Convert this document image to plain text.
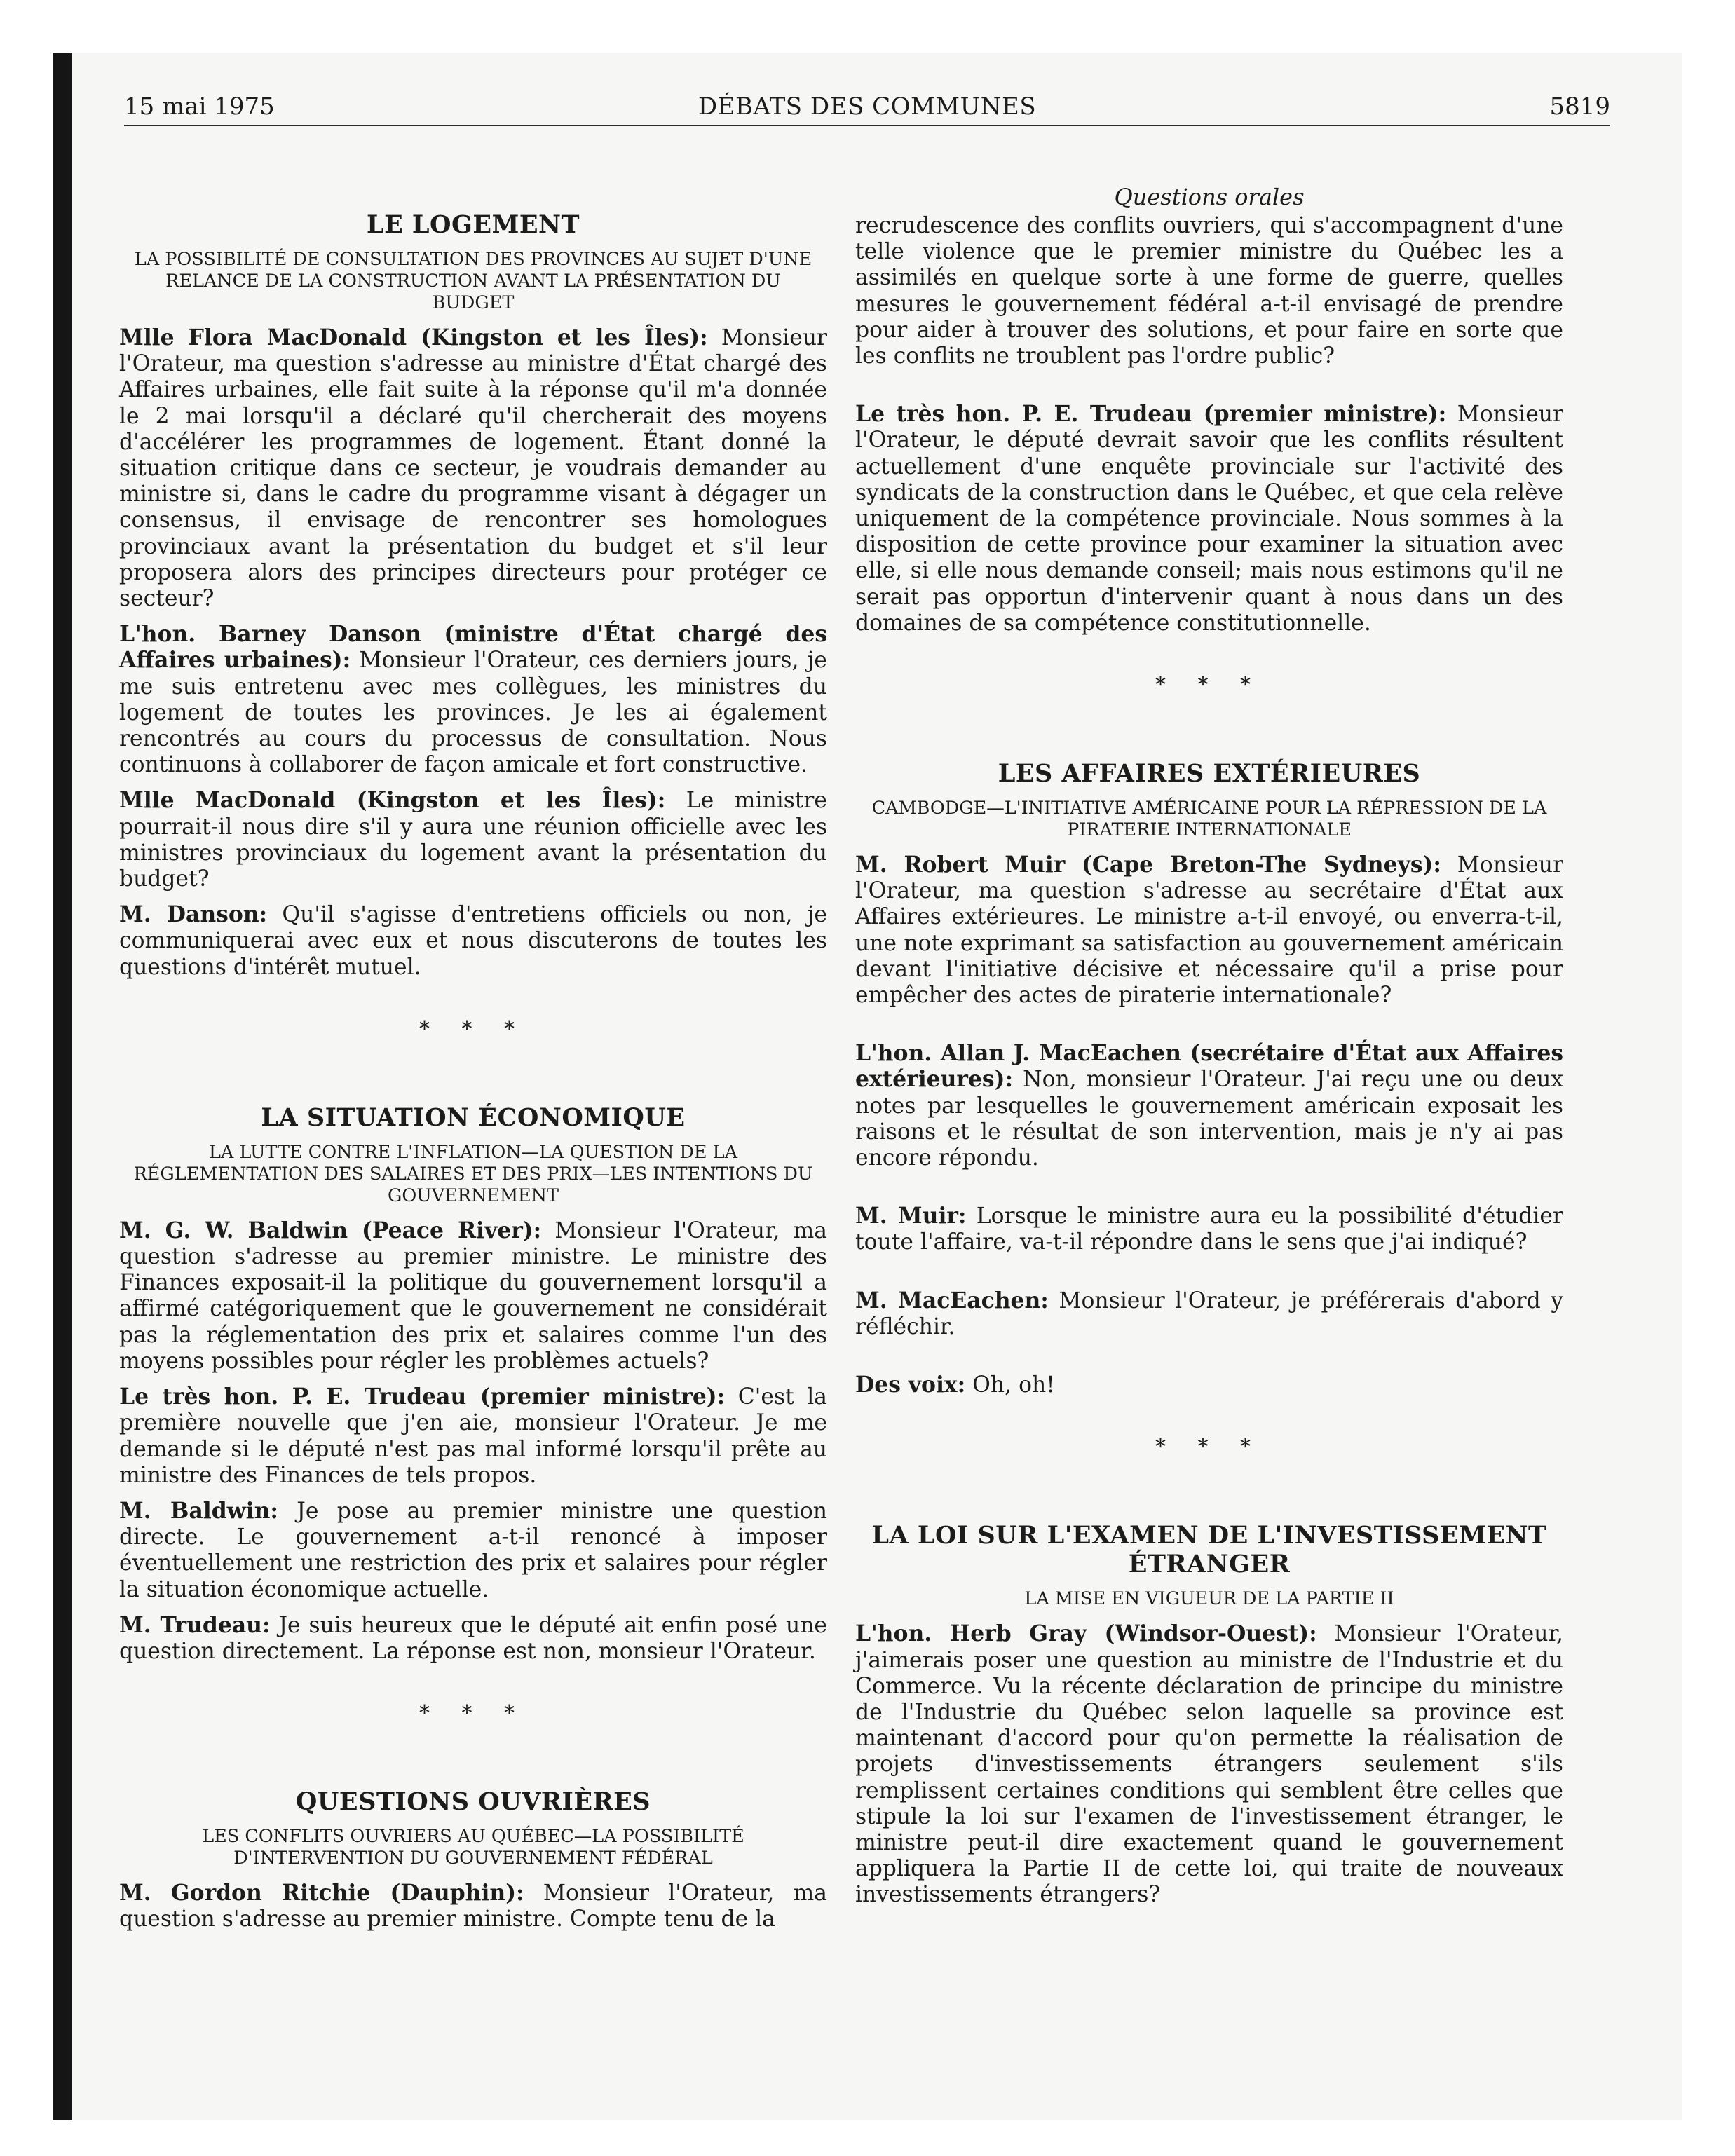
15 mai 1975	DÉBATS DES COMMUNES	5819
LE LOGEMENT
LA POSSIBILITÉ DE CONSULTATION DES PROVINCES AU SUJET D'UNE RELANCE DE LA CONSTRUCTION AVANT LA PRÉSENTATION DU BUDGET

Mlle Flora MacDonald (Kingston et les Îles): Monsieur l'Orateur, ma question s'adresse au ministre d'État chargé des Affaires urbaines, elle fait suite à la réponse qu'il m'a donnée le 2 mai lorsqu'il a déclaré qu'il chercherait des moyens d'accélérer les programmes de logement. Étant donné la situation critique dans ce secteur, je voudrais demander au ministre si, dans le cadre du programme visant à dégager un consensus, il envisage de rencontrer ses homologues provinciaux avant la présentation du budget et s'il leur proposera alors des principes directeurs pour protéger ce secteur?

L'hon. Barney Danson (ministre d'État chargé des Affaires urbaines): Monsieur l'Orateur, ces derniers jours, je me suis entretenu avec mes collègues, les ministres du logement de toutes les provinces. Je les ai également rencontrés au cours du processus de consultation. Nous continuons à collaborer de façon amicale et fort constructive.

Mlle MacDonald (Kingston et les Îles): Le ministre pourrait-il nous dire s'il y aura une réunion officielle avec les ministres provinciaux du logement avant la présentation du budget?

M. Danson: Qu'il s'agisse d'entretiens officiels ou non, je communiquerai avec eux et nous discuterons de toutes les questions d'intérêt mutuel.

* * *
LA SITUATION ÉCONOMIQUE
LA LUTTE CONTRE L'INFLATION—LA QUESTION DE LA RÉGLEMENTATION DES SALAIRES ET DES PRIX—LES INTENTIONS DU GOUVERNEMENT

M. G. W. Baldwin (Peace River): Monsieur l'Orateur, ma question s'adresse au premier ministre. Le ministre des Finances exposait-il la politique du gouvernement lorsqu'il a affirmé catégoriquement que le gouvernement ne considérait pas la réglementation des prix et salaires comme l'un des moyens possibles pour régler les problèmes actuels?

Le très hon. P. E. Trudeau (premier ministre): C'est la première nouvelle que j'en aie, monsieur l'Orateur. Je me demande si le député n'est pas mal informé lorsqu'il prête au ministre des Finances de tels propos.

M. Baldwin: Je pose au premier ministre une question directe. Le gouvernement a-t-il renoncé à imposer éventuellement une restriction des prix et salaires pour régler la situation économique actuelle.

M. Trudeau: Je suis heureux que le député ait enfin posé une question directement. La réponse est non, monsieur l'Orateur.

* * *
QUESTIONS OUVRIÈRES
LES CONFLITS OUVRIERS AU QUÉBEC—LA POSSIBILITÉ D'INTERVENTION DU GOUVERNEMENT FÉDÉRAL

M. Gordon Ritchie (Dauphin): Monsieur l'Orateur, ma question s'adresse au premier ministre. Compte tenu de la

Questions orales

recrudescence des conflits ouvriers, qui s'accompagnent d'une telle violence que le premier ministre du Québec les a assimilés en quelque sorte à une forme de guerre, quelles mesures le gouvernement fédéral a-t-il envisagé de prendre pour aider à trouver des solutions, et pour faire en sorte que les conflits ne troublent pas l'ordre public?

Le très hon. P. E. Trudeau (premier ministre): Monsieur l'Orateur, le député devrait savoir que les conflits résultent actuellement d'une enquête provinciale sur l'activité des syndicats de la construction dans le Québec, et que cela relève uniquement de la compétence provinciale. Nous sommes à la disposition de cette province pour examiner la situation avec elle, si elle nous demande conseil; mais nous estimons qu'il ne serait pas opportun d'intervenir quant à nous dans un des domaines de sa compétence constitutionnelle.

* * *
LES AFFAIRES EXTÉRIEURES
CAMBODGE—L'INITIATIVE AMÉRICAINE POUR LA RÉPRESSION DE LA PIRATERIE INTERNATIONALE

M. Robert Muir (Cape Breton-The Sydneys): Monsieur l'Orateur, ma question s'adresse au secrétaire d'État aux Affaires extérieures. Le ministre a-t-il envoyé, ou enverra-t-il, une note exprimant sa satisfaction au gouvernement américain devant l'initiative décisive et nécessaire qu'il a prise pour empêcher des actes de piraterie internationale?

L'hon. Allan J. MacEachen (secrétaire d'État aux Affaires extérieures): Non, monsieur l'Orateur. J'ai reçu une ou deux notes par lesquelles le gouvernement américain exposait les raisons et le résultat de son intervention, mais je n'y ai pas encore répondu.

M. Muir: Lorsque le ministre aura eu la possibilité d'étudier toute l'affaire, va-t-il répondre dans le sens que j'ai indiqué?

M. MacEachen: Monsieur l'Orateur, je préférerais d'abord y réfléchir.

Des voix: Oh, oh!

* * *
LA LOI SUR L'EXAMEN DE L'INVESTISSEMENT ÉTRANGER
LA MISE EN VIGUEUR DE LA PARTIE II

L'hon. Herb Gray (Windsor-Ouest): Monsieur l'Orateur, j'aimerais poser une question au ministre de l'Industrie et du Commerce. Vu la récente déclaration de principe du ministre de l'Industrie du Québec selon laquelle sa province est maintenant d'accord pour qu'on permette la réalisation de projets d'investissements étrangers seulement s'ils remplissent certaines conditions qui semblent être celles que stipule la loi sur l'examen de l'investissement étranger, le ministre peut-il dire exactement quand le gouvernement appliquera la Partie II de cette loi, qui traite de nouveaux investissements étrangers?
